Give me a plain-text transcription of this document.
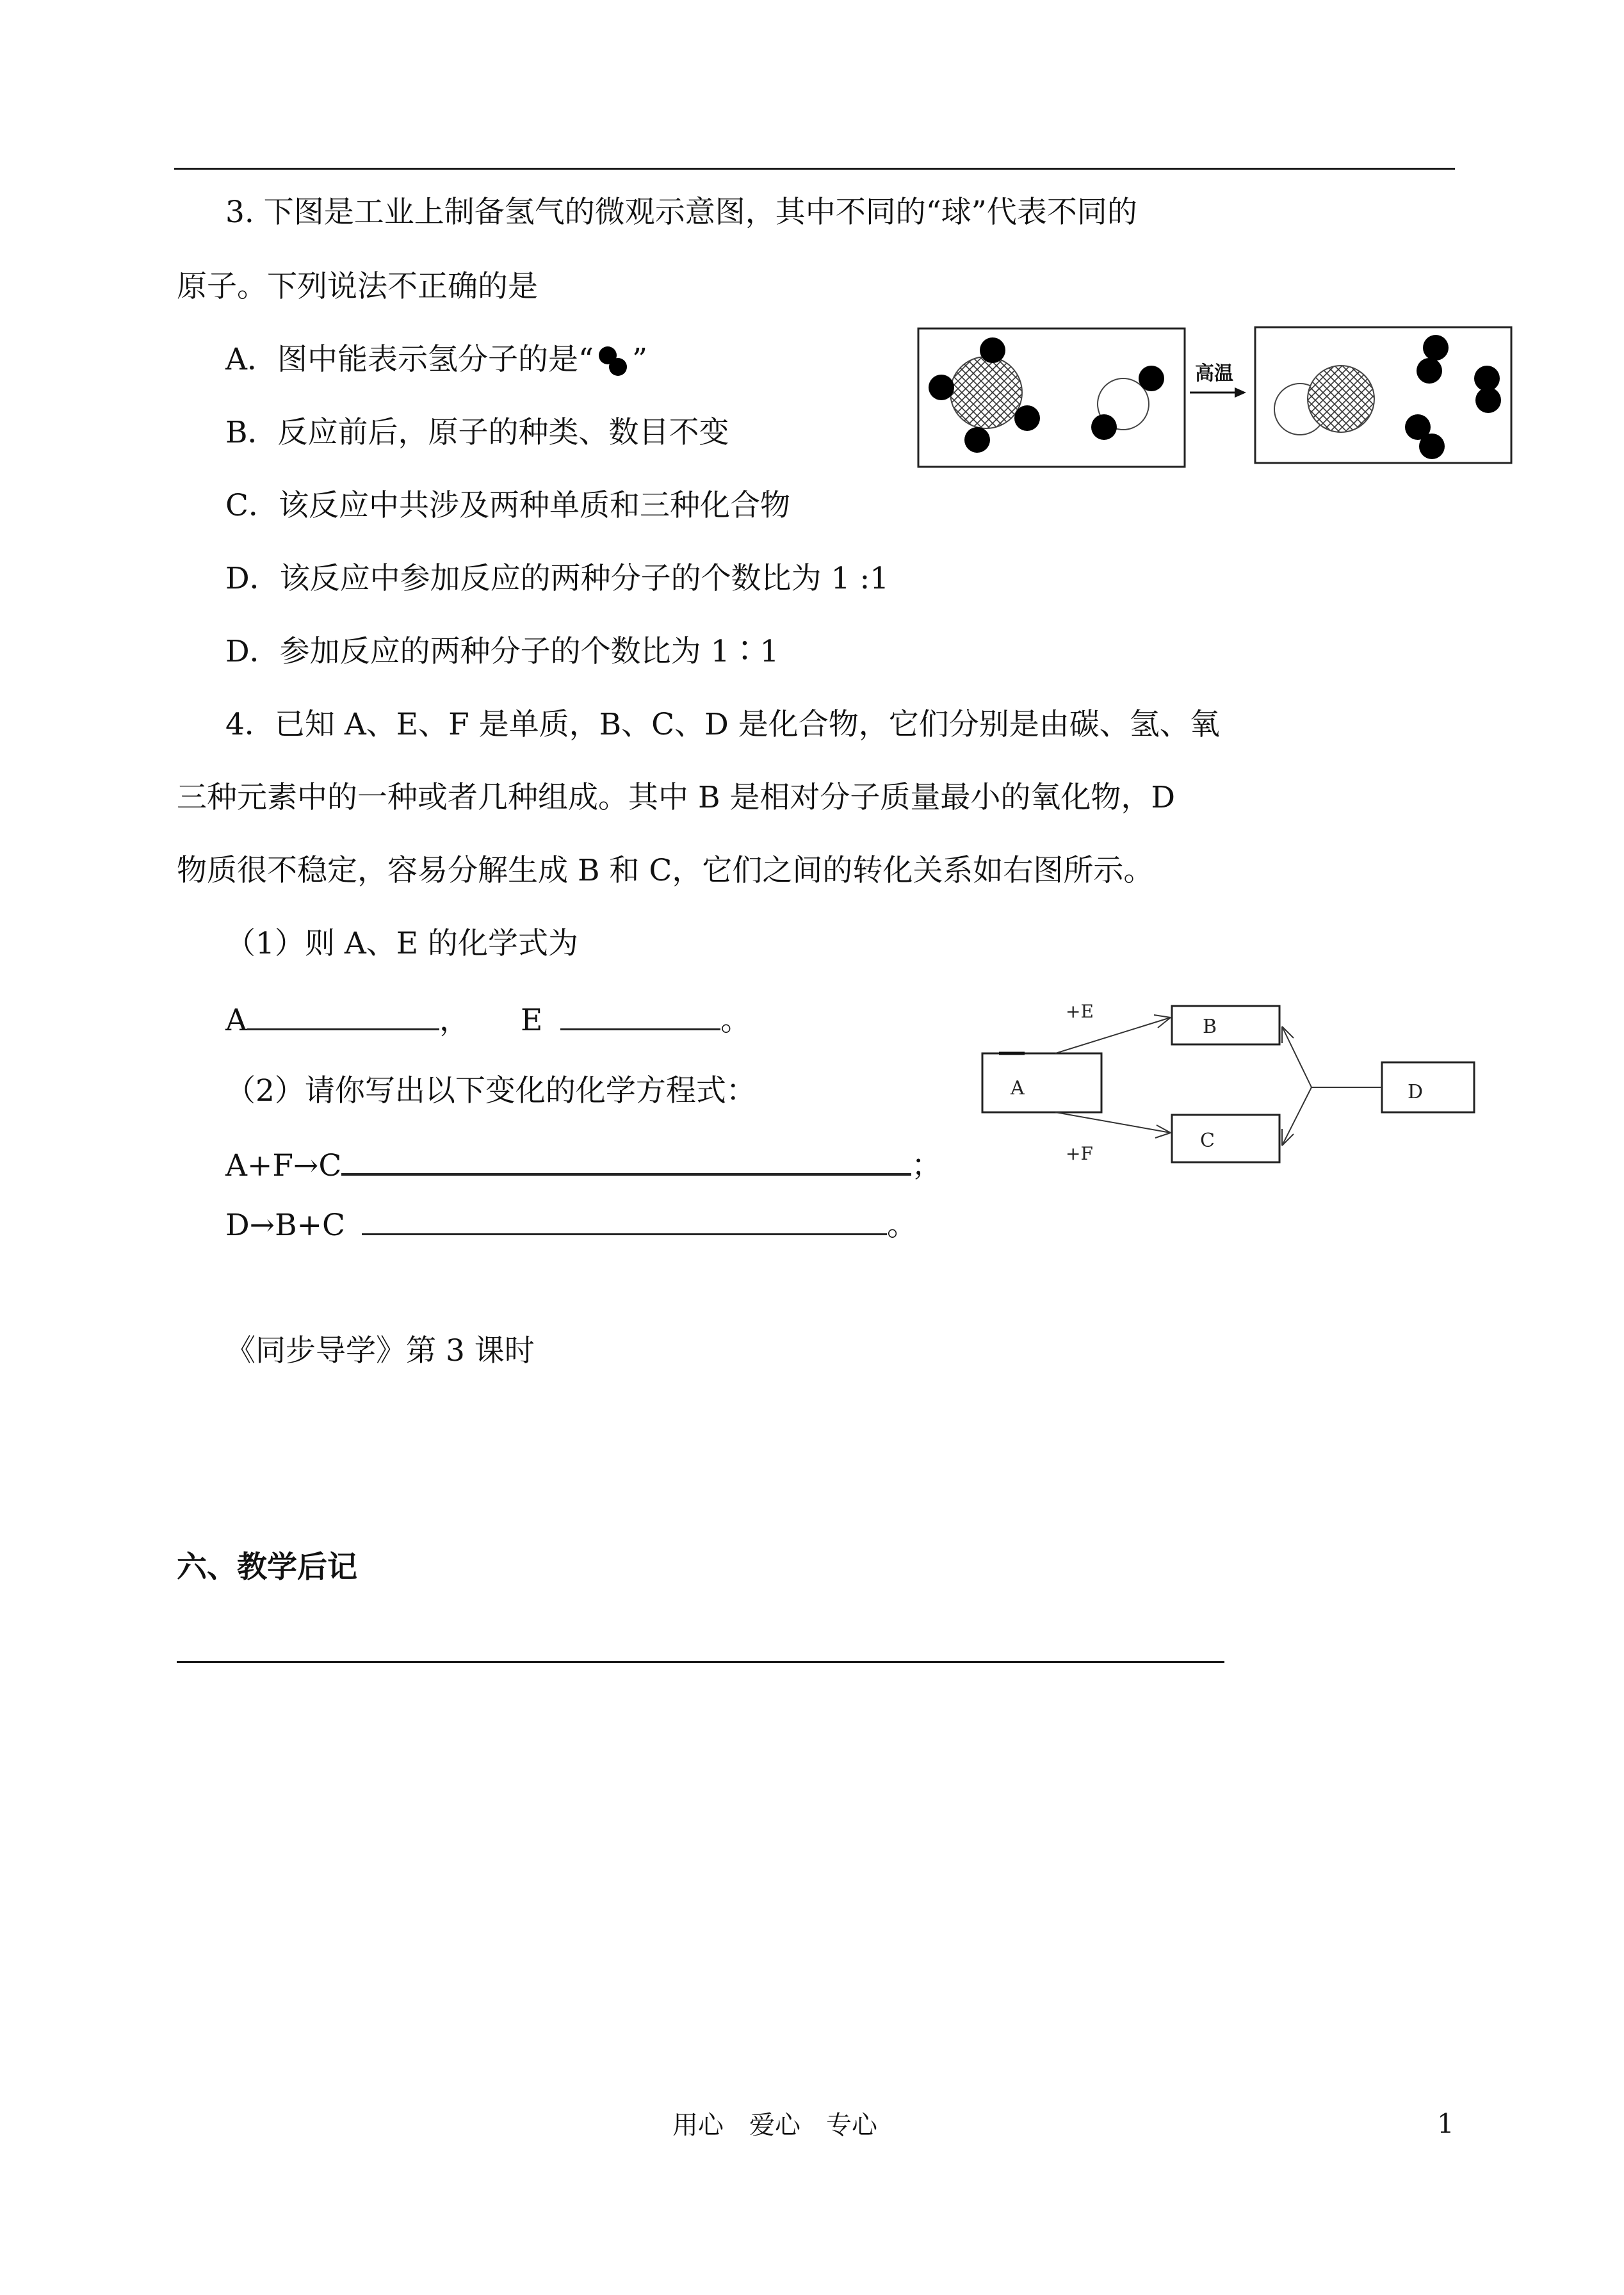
3. 下图是工业上制备氢气的微观示意图，其中不同的“球”代表不同的
原子。下列说法不正确的是
A．图中能表示氢分子的是“ ”
B．反应前后，原子的种类、数目不变
C．该反应中共涉及两种单质和三种化合物
D．该反应中参加反应的两种分子的个数比为 1 :1
D．参加反应的两种分子的个数比为 1∶1
高温
4．已知 A、E、F 是单质，B、C、D 是化合物，它们分别是由碳、氢、氧
三种元素中的一种或者几种组成。其中 B 是相对分子质量最小的氧化物，D
物质很不稳定，容易分解生成 B 和 C，它们之间的转化关系如右图所示。
（1）则 A、E 的化学式为
A	， E	。
（2）请你写出以下变化的化学方程式：
A+F→C	；
D→B+C	。
A
B
C
D
+E
+F
《同步导学》第 3 课时
六、教学后记
用心　爱心　专心	1
